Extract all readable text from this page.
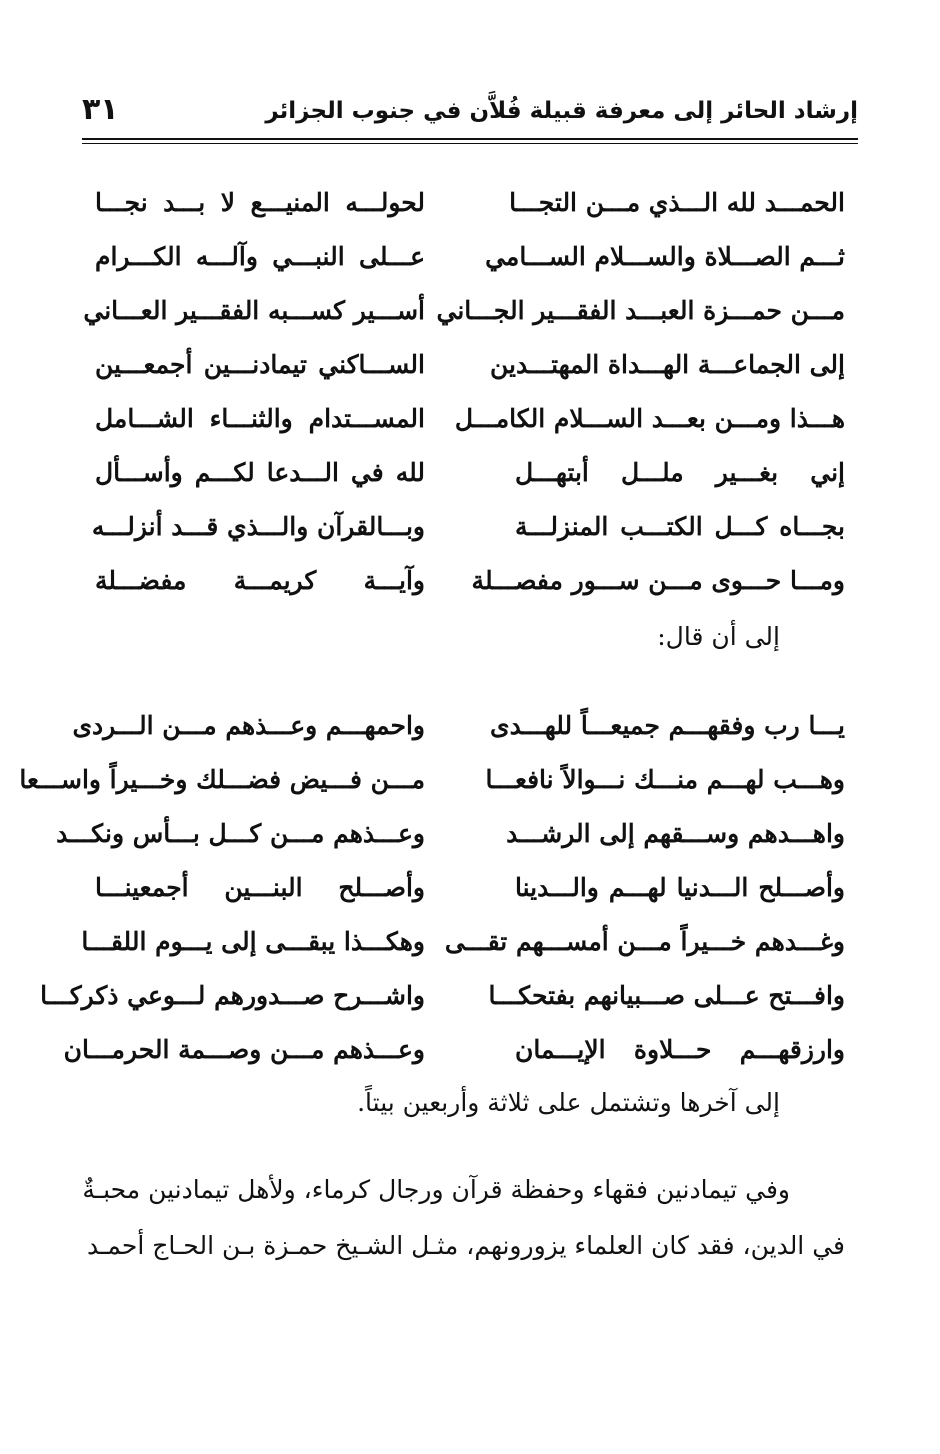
إرشاد الحائر إلى معرفة قبيلة فُلاَّن في جنوب الجزائر
٣١
الحمـــد لله الـــذي مـــن التجـــا
لحولـــه المنيـــع لا بـــد نجـــا
ثـــم الصـــلاة والســـلام الســـامي
عـــلى النبـــي وآلـــه الكـــرام
مـــن حمـــزة العبـــد الفقـــير الجـــاني
أســـير كســـبه الفقـــير العـــاني
إلى الجماعـــة الهـــداة المهتـــدين
الســـاكني تيمادنـــين أجمعـــين
هـــذا ومـــن بعـــد الســـلام الكامـــل
المســـتدام والثنـــاء الشـــامل
إني بغـــير ملـــل أبتهـــل
لله في الـــدعا لكـــم وأســـأل
بجـــاه كـــل الكتـــب المنزلـــة
وبـــالقرآن والـــذي قـــد أنزلـــه
ومـــا حـــوى مـــن ســـور مفصـــلة
وآيـــة كريمـــة مفضـــلة
إلى أن قال:
يـــا رب وفقهـــم جميعـــاً للهـــدى
واحمهـــم وعـــذهم مـــن الـــردى
وهـــب لهـــم منـــك نـــوالاً نافعـــا
مـــن فـــيض فضـــلك وخـــيراً واســـعا
واهـــدهم وســـقهم إلى الرشـــد
وعـــذهم مـــن كـــل بـــأس ونكـــد
وأصـــلح الـــدنيا لهـــم والـــدينا
وأصـــلح البنـــين أجمعينـــا
وغـــدهم خـــيراً مـــن أمســـهم تقـــى
وهكـــذا يبقـــى إلى يـــوم اللقـــا
وافـــتح عـــلى صـــبيانهم بفتحكـــا
واشـــرح صـــدورهم لـــوعي ذكركـــا
وارزقهـــم حـــلاوة الإيـــمان
وعـــذهم مـــن وصـــمة الحرمـــان
إلى آخرها وتشتمل على ثلاثة وأربعين بيتاً.
وفي تيمادنين فقهاء وحفظة قرآن ورجال كرماء، ولأهل تيمادنين محبـةٌ
في الدين، فقد كان العلماء يزورونهم، مثـل الشـيخ حمـزة بـن الحـاج أحمـد
